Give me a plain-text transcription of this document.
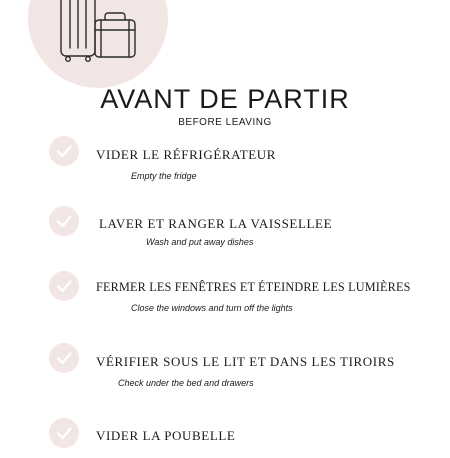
AVANT DE PARTIR
BEFORE LEAVING
VIDER LE RÉFRIGÉRATEUR
Empty the fridge
LAVER ET RANGER LA VAISSELLEE
Wash and put away dishes
FERMER LES FENÊTRES ET ÉTEINDRE LES LUMIÈRES
Close the windows and turn off the lights
VÉRIFIER SOUS LE LIT ET DANS LES TIROIRS
Check under the bed and drawers
VIDER LA POUBELLE
